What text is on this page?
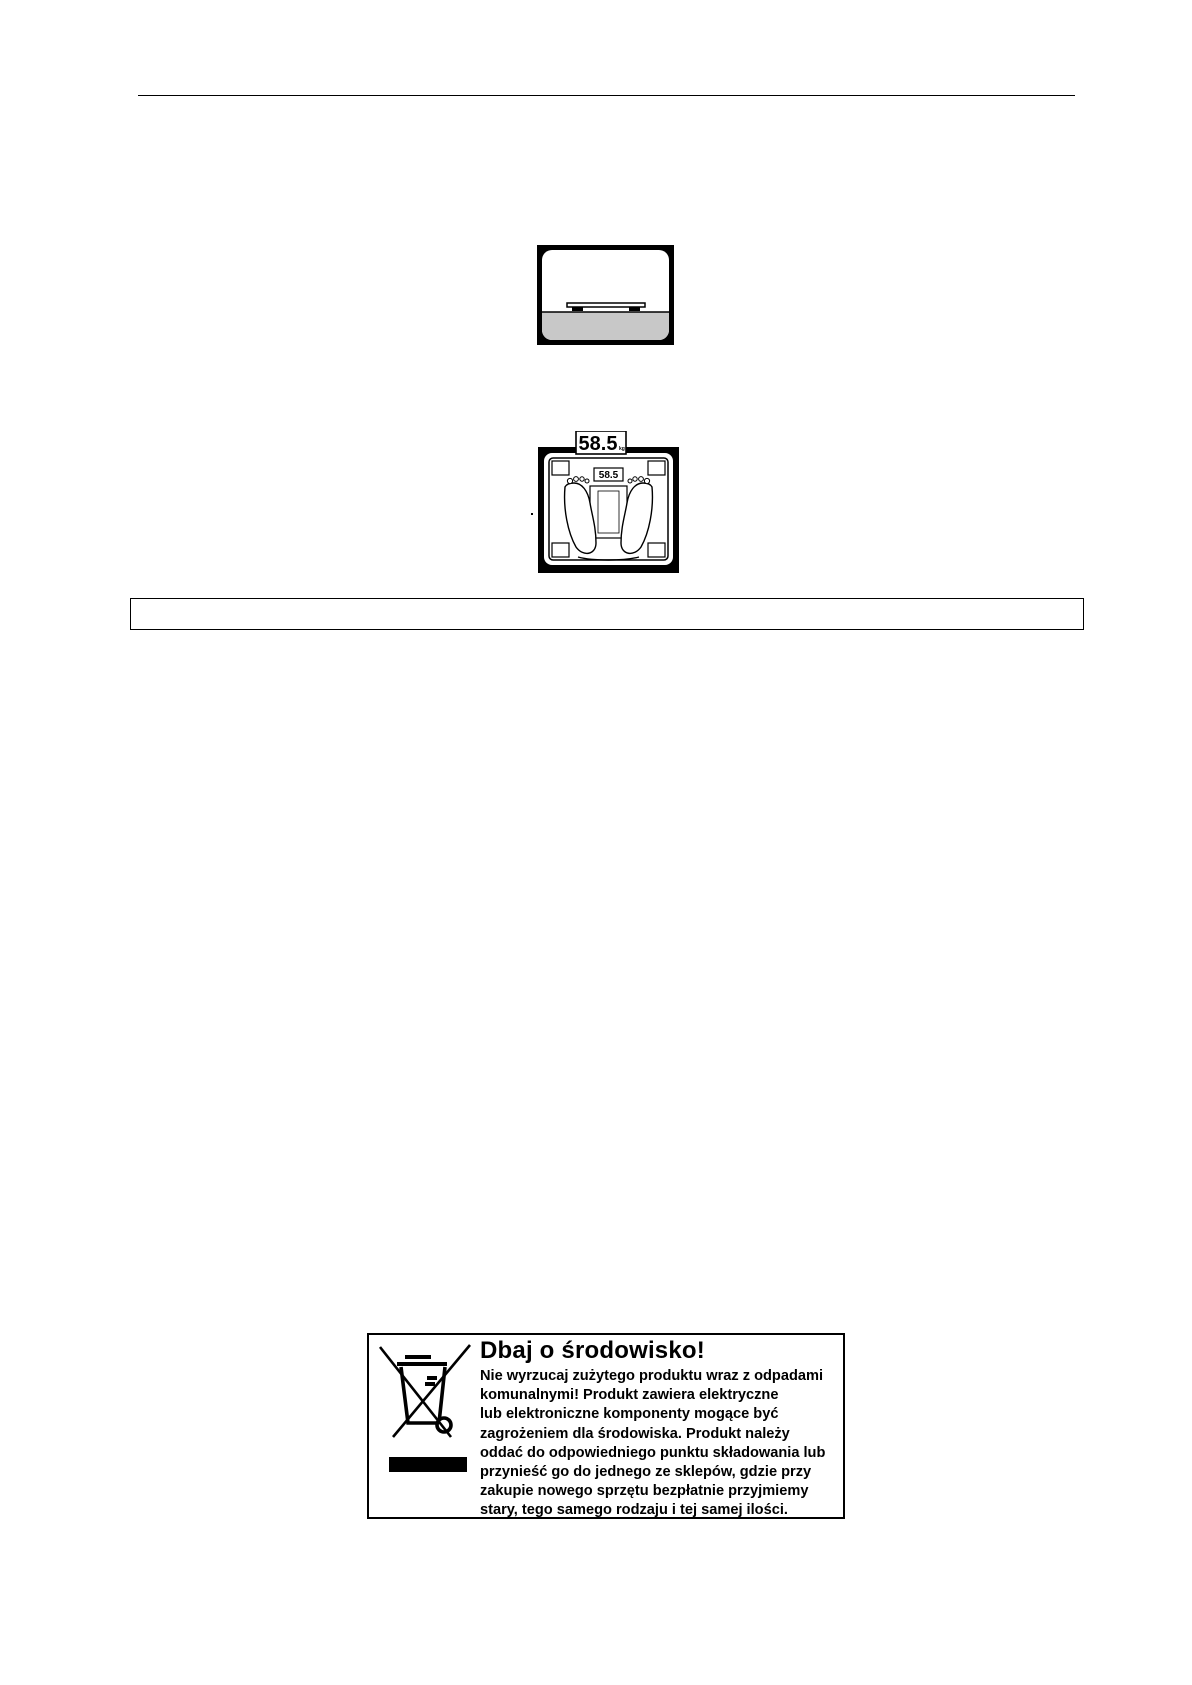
58.5
58.5 kg
Dbaj o środowisko!
Nie wyrzucaj zużytego produktu wraz z odpadami
komunalnymi! Produkt zawiera elektryczne
lub elektroniczne komponenty mogące być
zagrożeniem dla środowiska. Produkt należy
oddać do odpowiedniego punktu składowania lub
przynieść go do jednego ze sklepów, gdzie przy
zakupie nowego sprzętu bezpłatnie przyjmiemy
stary, tego samego rodzaju i tej samej ilości.
